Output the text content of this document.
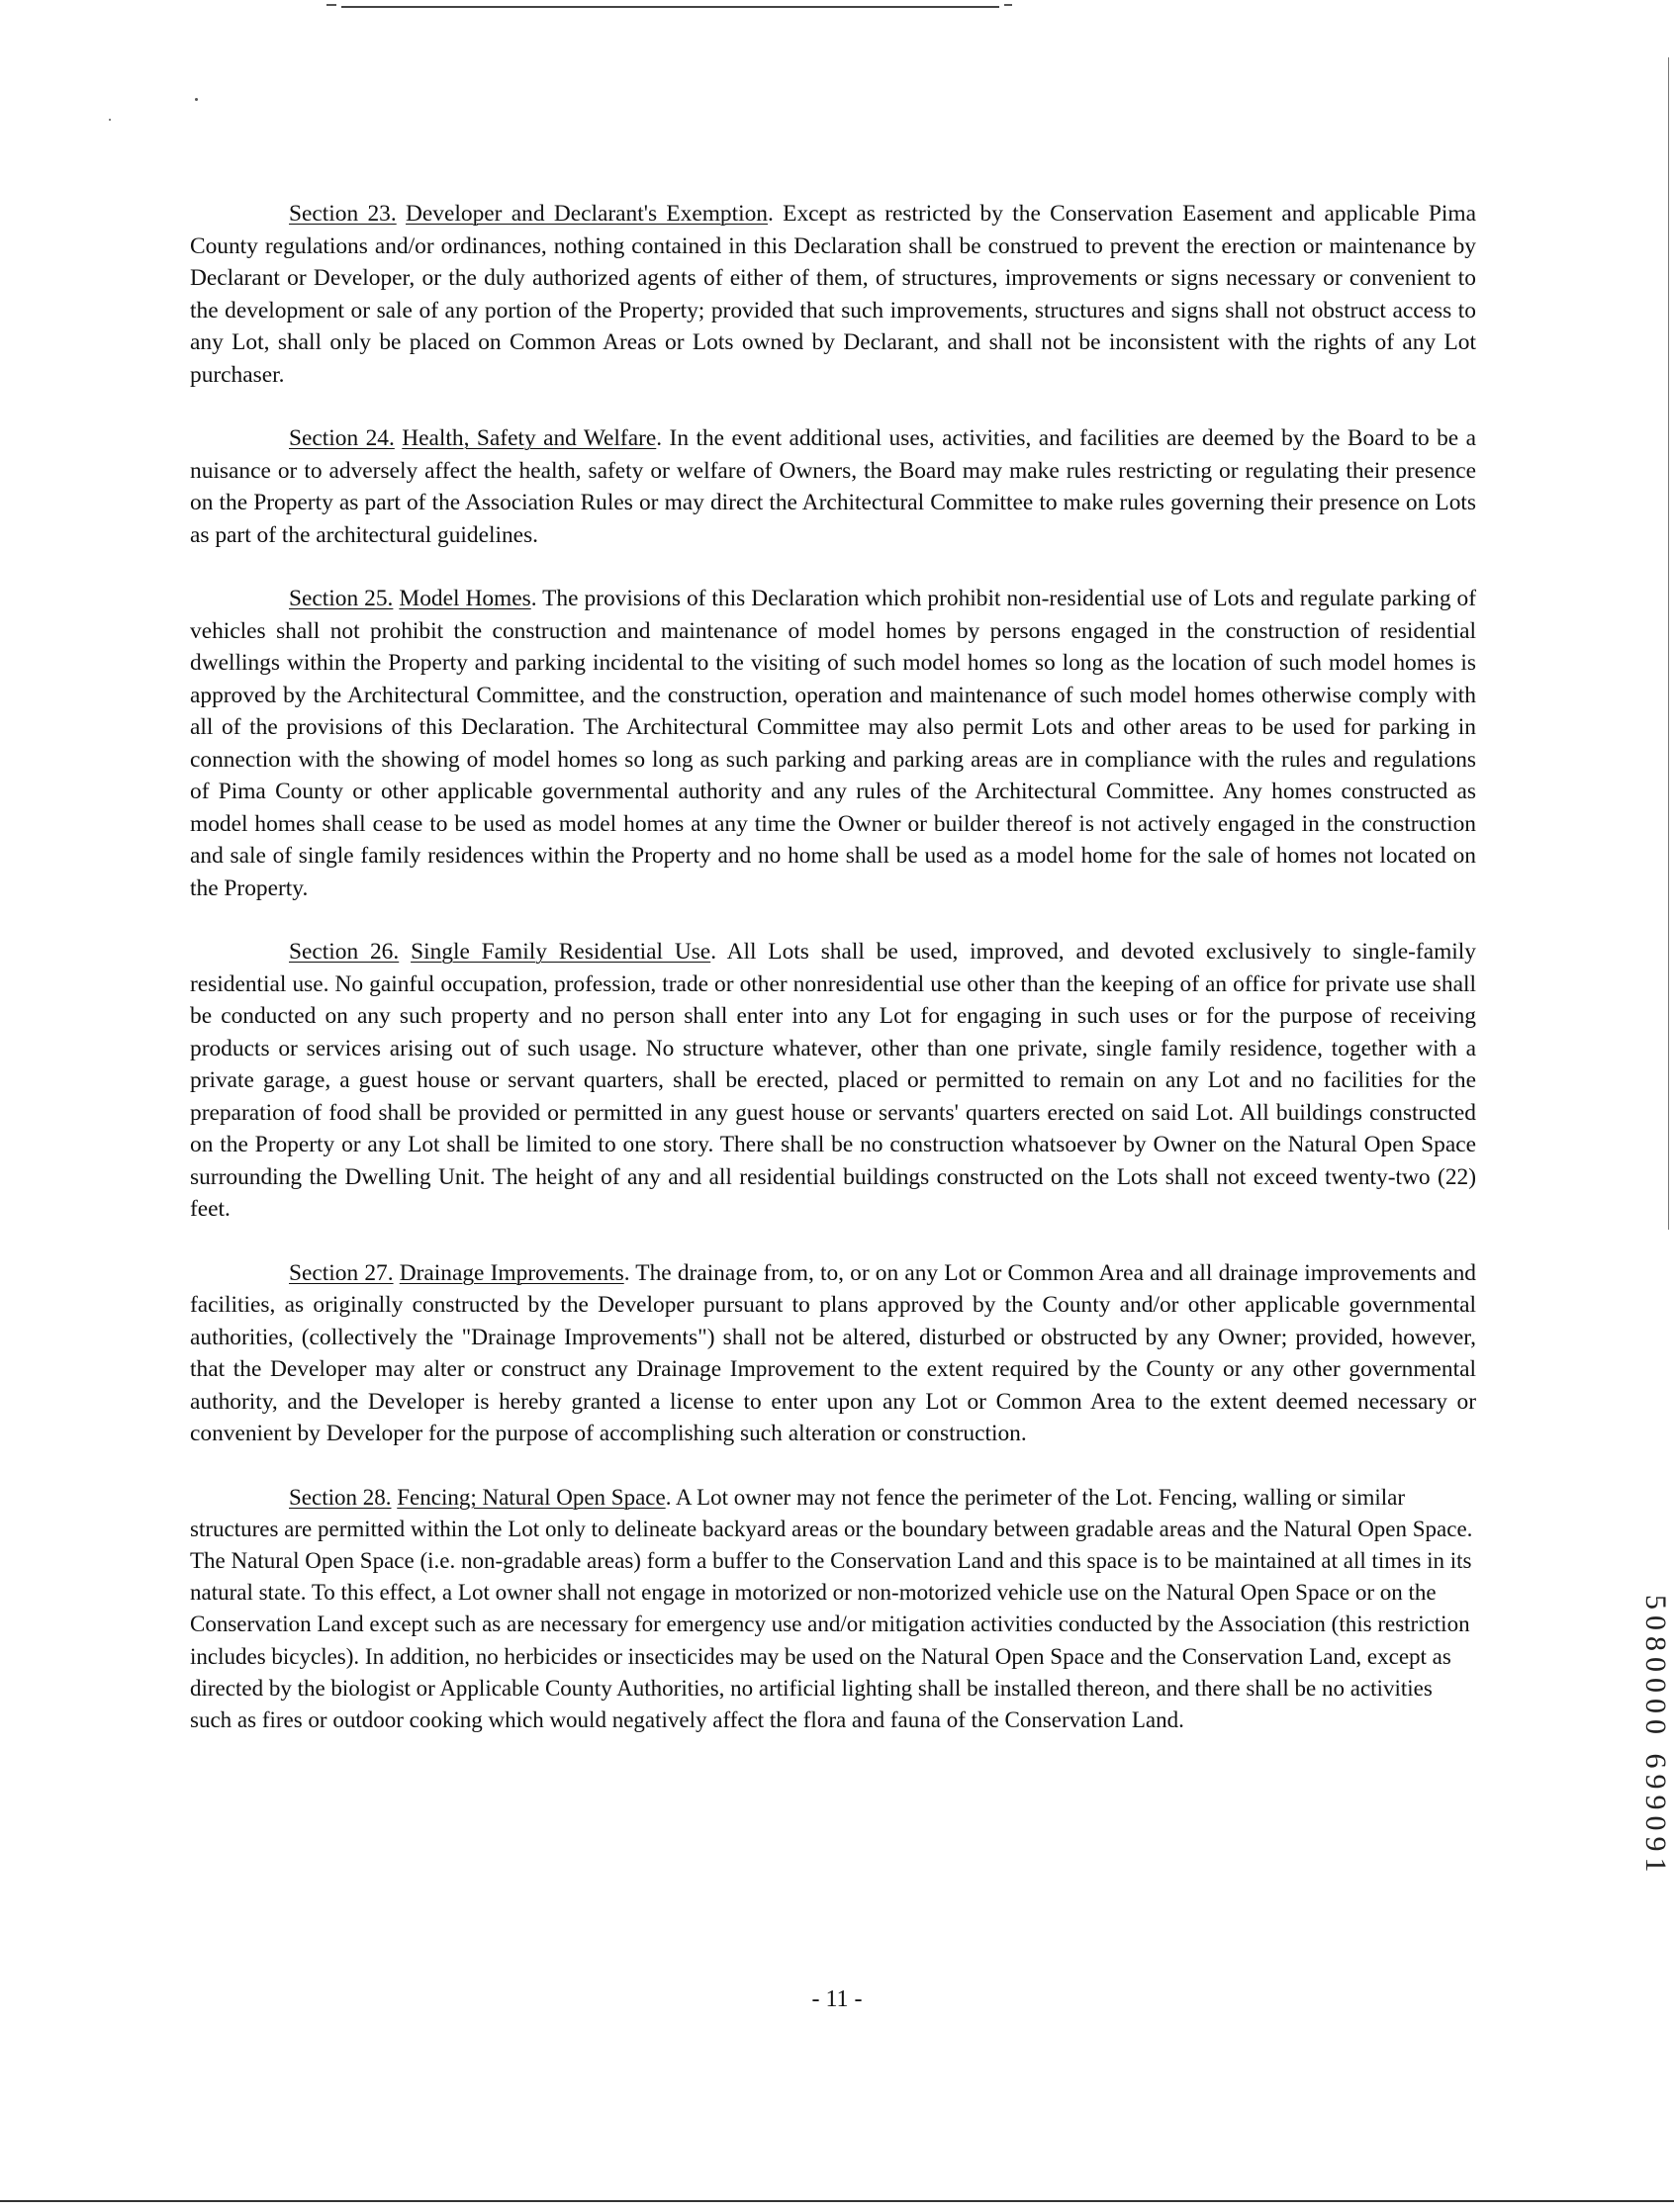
Section 23. Developer and Declarant's Exemption. Except as restricted by the Conservation Easement and applicable Pima County regulations and/or ordinances, nothing contained in this Declaration shall be construed to prevent the erection or maintenance by Declarant or Developer, or the duly authorized agents of either of them, of structures, improvements or signs necessary or convenient to the development or sale of any portion of the Property; provided that such improvements, structures and signs shall not obstruct access to any Lot, shall only be placed on Common Areas or Lots owned by Declarant, and shall not be inconsistent with the rights of any Lot purchaser.

Section 24. Health, Safety and Welfare. In the event additional uses, activities, and facilities are deemed by the Board to be a nuisance or to adversely affect the health, safety or welfare of Owners, the Board may make rules restricting or regulating their presence on the Property as part of the Association Rules or may direct the Architectural Committee to make rules governing their presence on Lots as part of the architectural guidelines.

Section 25. Model Homes. The provisions of this Declaration which prohibit non-residential use of Lots and regulate parking of vehicles shall not prohibit the construction and maintenance of model homes by persons engaged in the construction of residential dwellings within the Property and parking incidental to the visiting of such model homes so long as the location of such model homes is approved by the Architectural Committee, and the construction, operation and maintenance of such model homes otherwise comply with all of the provisions of this Declaration. The Architectural Committee may also permit Lots and other areas to be used for parking in connection with the showing of model homes so long as such parking and parking areas are in compliance with the rules and regulations of Pima County or other applicable governmental authority and any rules of the Architectural Committee. Any homes constructed as model homes shall cease to be used as model homes at any time the Owner or builder thereof is not actively engaged in the construction and sale of single family residences within the Property and no home shall be used as a model home for the sale of homes not located on the Property.

Section 26. Single Family Residential Use. All Lots shall be used, improved, and devoted exclusively to single-family residential use. No gainful occupation, profession, trade or other nonresidential use other than the keeping of an office for private use shall be conducted on any such property and no person shall enter into any Lot for engaging in such uses or for the purpose of receiving products or services arising out of such usage. No structure whatever, other than one private, single family residence, together with a private garage, a guest house or servant quarters, shall be erected, placed or permitted to remain on any Lot and no facilities for the preparation of food shall be provided or permitted in any guest house or servants' quarters erected on said Lot. All buildings constructed on the Property or any Lot shall be limited to one story. There shall be no construction whatsoever by Owner on the Natural Open Space surrounding the Dwelling Unit. The height of any and all residential buildings constructed on the Lots shall not exceed twenty-two (22) feet.

Section 27. Drainage Improvements. The drainage from, to, or on any Lot or Common Area and all drainage improvements and facilities, as originally constructed by the Developer pursuant to plans approved by the County and/or other applicable governmental authorities, (collectively the "Drainage Improvements") shall not be altered, disturbed or obstructed by any Owner; provided, however, that the Developer may alter or construct any Drainage Improvement to the extent required by the County or any other governmental authority, and the Developer is hereby granted a license to enter upon any Lot or Common Area to the extent deemed necessary or convenient by Developer for the purpose of accomplishing such alteration or construction.

Section 28. Fencing; Natural Open Space. A Lot owner may not fence the perimeter of the Lot. Fencing, walling or similar structures are permitted within the Lot only to delineate backyard areas or the boundary between gradable areas and the Natural Open Space. The Natural Open Space (i.e. non-gradable areas) form a buffer to the Conservation Land and this space is to be maintained at all times in its natural state. To this effect, a Lot owner shall not engage in motorized or non-motorized vehicle use on the Natural Open Space or on the Conservation Land except such as are necessary for emergency use and/or mitigation activities conducted by the Association (this restriction includes bicycles). In addition, no herbicides or insecticides may be used on the Natural Open Space and the Conservation Land, except as directed by the biologist or Applicable County Authorities, no artificial lighting shall be installed thereon, and there shall be no activities such as fires or outdoor cooking which would negatively affect the flora and fauna of the Conservation Land.

- 11 -
5080000 699091
